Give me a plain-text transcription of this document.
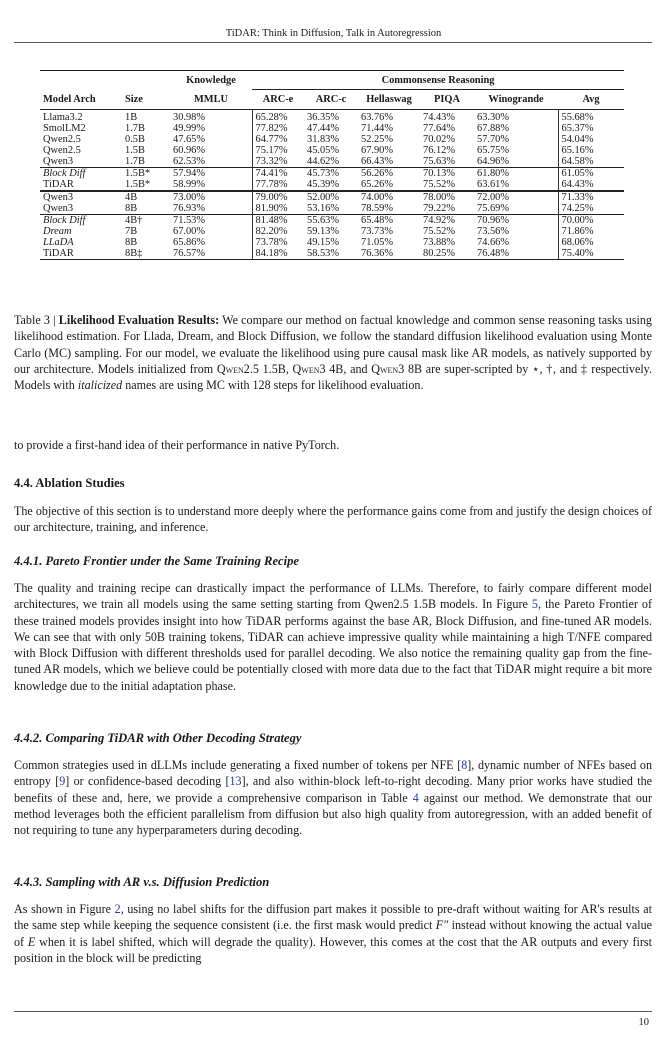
TiDAR: Think in Diffusion, Talk in Autoregression
		Knowledge	Commonsense Reasoning					
Model Arch	Size	MMLU	ARC-e	ARC-c	Hellaswag	PIQA	Winogrande	Avg
Llama3.2	1B	30.98%	65.28%	36.35%	63.76%	74.43%	63.30%	55.68%
SmolLM2	1.7B	49.99%	77.82%	47.44%	71.44%	77.64%	67.88%	65.37%
Qwen2.5	0.5B	47.65%	64.77%	31.83%	52.25%	70.02%	57.70%	54.04%
Qwen2.5	1.5B	60.96%	75.17%	45.05%	67.90%	76.12%	65.75%	65.16%
Qwen3	1.7B	62.53%	73.32%	44.62%	66.43%	75.63%	64.96%	64.58%
Block Diff	1.5B*	57.94%	74.41%	45.73%	56.26%	70.13%	61.80%	61.05%
TiDAR	1.5B*	58.99%	77.78%	45.39%	65.26%	75.52%	63.61%	64.43%
Qwen3	4B	73.00%	79.00%	52.00%	74.00%	78.00%	72.00%	71.33%
Qwen3	8B	76.93%	81.90%	53.16%	78.59%	79.22%	75.69%	74.25%
Block Diff	4B†	71.53%	81.48%	55.63%	65.48%	74.92%	70.96%	70.00%
Dream	7B	67.00%	82.20%	59.13%	73.73%	75.52%	73.56%	71.86%
LLaDA	8B	65.86%	73.78%	49.15%	71.05%	73.88%	74.66%	68.06%
TiDAR	8B‡	76.57%	84.18%	58.53%	76.36%	80.25%	76.48%	75.40%
Table 3 | Likelihood Evaluation Results: We compare our method on factual knowledge and common sense reasoning tasks using likelihood estimation. For Llada, Dream, and Block Diffusion, we follow the standard diffusion likelihood evaluation using Monte Carlo (MC) sampling. For our model, we evaluate the likelihood using pure causal mask like AR models, as natively supported by our architecture. Models initialized from Qwen2.5 1.5B, Qwen3 4B, and Qwen3 8B are super-scripted by ⋆, †, and ‡ respectively. Models with italicized names are using MC with 128 steps for likelihood evaluation.
to provide a first-hand idea of their performance in native PyTorch.
4.4. Ablation Studies
The objective of this section is to understand more deeply where the performance gains come from and justify the design choices of our architecture, training, and inference.
4.4.1. Pareto Frontier under the Same Training Recipe
The quality and training recipe can drastically impact the performance of LLMs. Therefore, to fairly compare different model architectures, we train all models using the same setting starting from Qwen2.5 1.5B models. In Figure 5, the Pareto Frontier of these trained models provides insight into how TiDAR performs against the base AR, Block Diffusion, and fine-tuned AR models. We can see that with only 50B training tokens, TiDAR can achieve impressive quality while maintaining a high T/NFE compared with Block Diffusion with different thresholds used for parallel decoding. We also notice the remaining quality gap from the fine-tuned AR models, which we believe could be potentially closed with more data due to the fact that TiDAR might require a bit more knowledge due to the initial adaptation phase.
4.4.2. Comparing TiDAR with Other Decoding Strategy
Common strategies used in dLLMs include generating a fixed number of tokens per NFE [8], dynamic number of NFEs based on entropy [9] or confidence-based decoding [13], and also within-block left-to-right decoding. Many prior works have studied the benefits of these and, here, we provide a comprehensive comparison in Table 4 against our method. We demonstrate that our method leverages both the efficient parallelism from diffusion but also high quality from autoregression, with an added benefit of not requiring to tune any hyperparameters during decoding.
4.4.3. Sampling with AR v.s. Diffusion Prediction
As shown in Figure 2, using no label shifts for the diffusion part makes it possible to pre-draft without waiting for AR's results at the same step while keeping the sequence consistent (i.e. the first mask would predict F″ instead without knowing the actual value of E when it is label shifted, which will degrade the quality). However, this comes at the cost that the AR outputs and every first position in the block will be predicting
10
